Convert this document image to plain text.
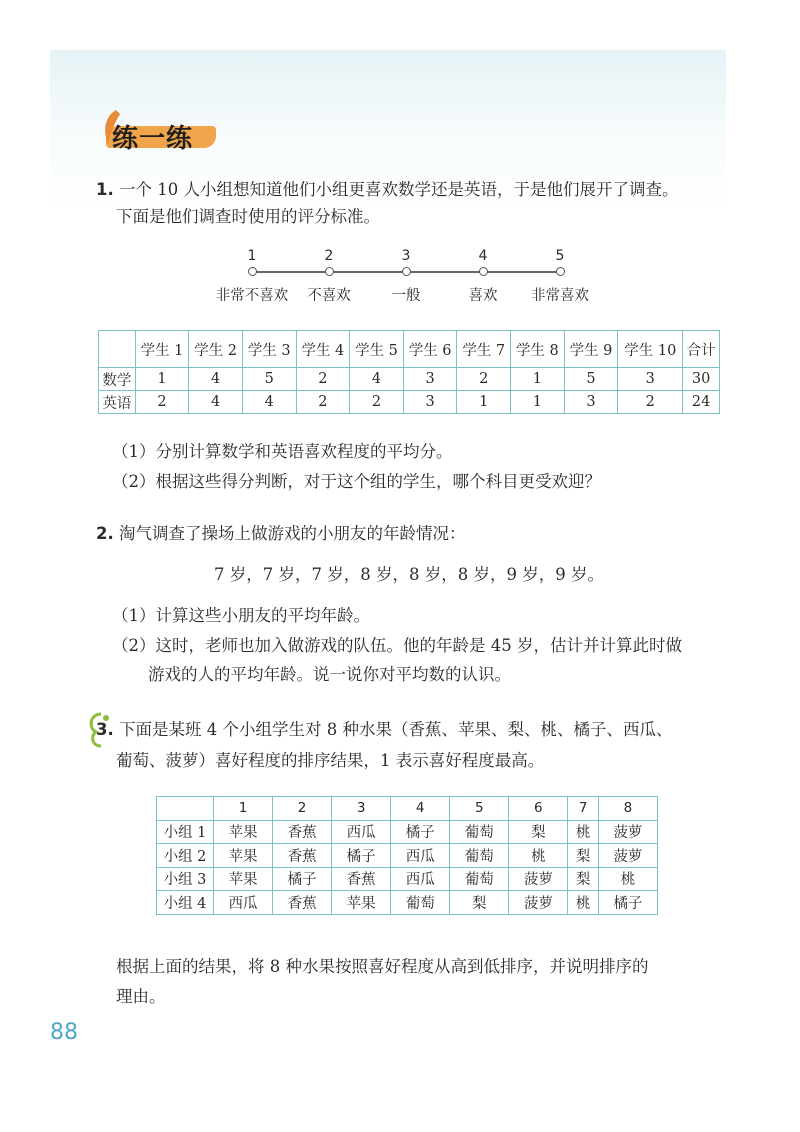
练一练
1. 一个 10 人小组想知道他们小组更喜欢数学还是英语，于是他们展开了调查。
下面是他们调查时使用的评分标准。
1
非常不喜欢
2
不喜欢
3
一般
4
喜欢
5
非常喜欢
	学生 1	学生 2	学生 3	学生 4	学生 5	学生 6	学生 7	学生 8	学生 9	学生 10	合计
数学	1	4	5	2	4	3	2	1	5	3	30
英语	2	4	4	2	2	3	1	1	3	2	24
（1）分别计算数学和英语喜欢程度的平均分。
（2）根据这些得分判断，对于这个组的学生，哪个科目更受欢迎？
2. 淘气调查了操场上做游戏的小朋友的年龄情况：
7 岁，7 岁，7 岁，8 岁，8 岁，8 岁，9 岁，9 岁。
（1）计算这些小朋友的平均年龄。
（2）这时，老师也加入做游戏的队伍。他的年龄是 45 岁，估计并计算此时做
游戏的人的平均年龄。说一说你对平均数的认识。
3. 下面是某班 4 个小组学生对 8 种水果（香蕉、苹果、梨、桃、橘子、西瓜、
葡萄、菠萝）喜好程度的排序结果，1 表示喜好程度最高。
	1	2	3	4	5	6	7	8
小组 1	苹果	香蕉	西瓜	橘子	葡萄	梨	桃	菠萝
小组 2	苹果	香蕉	橘子	西瓜	葡萄	桃	梨	菠萝
小组 3	苹果	橘子	香蕉	西瓜	葡萄	菠萝	梨	桃
小组 4	西瓜	香蕉	苹果	葡萄	梨	菠萝	桃	橘子
根据上面的结果，将 8 种水果按照喜好程度从高到低排序，并说明排序的
理由。
88
